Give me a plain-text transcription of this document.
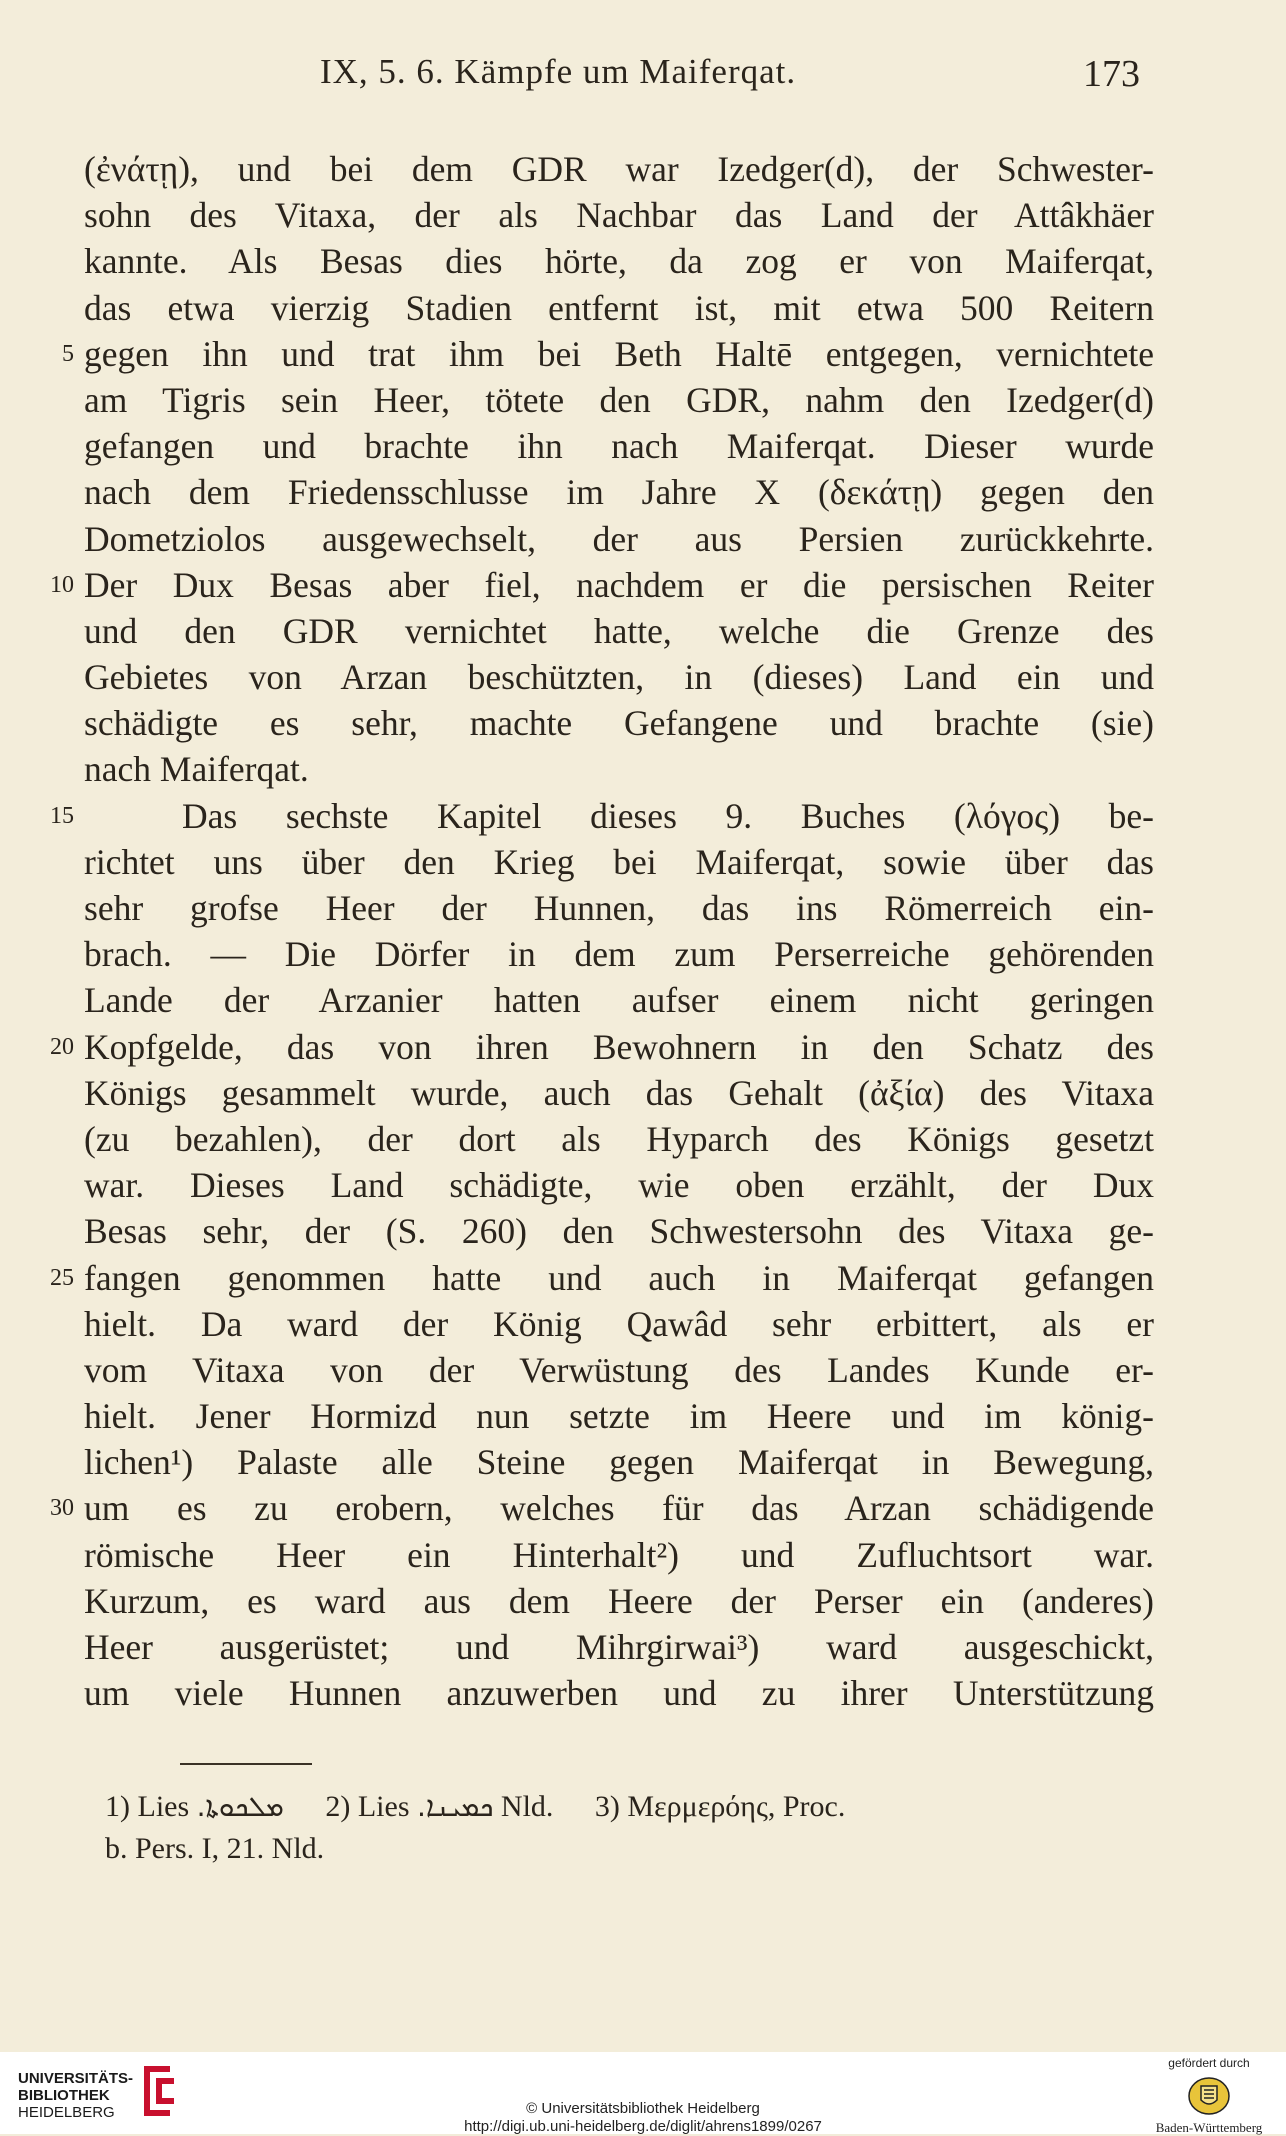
IX, 5. 6. Kämpfe um Maiferqat.	173
(ἐνάτῃ), und bei dem GDR war Izedger(d), der Schwester-
sohn des Vitaxa, der als Nachbar das Land der Attâkhäer
kannte. Als Besas dies hörte, da zog er von Maiferqat,
das etwa vierzig Stadien entfernt ist, mit etwa 500 Reitern
5 gegen ihn und trat ihm bei Beth Haltē entgegen, vernichtete
am Tigris sein Heer, tötete den GDR, nahm den Izedger(d)
gefangen und brachte ihn nach Maiferqat. Dieser wurde
nach dem Friedensschlusse im Jahre X (δεκάτῃ) gegen den
Dometziolos ausgewechselt, der aus Persien zurückkehrte.
10 Der Dux Besas aber fiel, nachdem er die persischen Reiter
und den GDR vernichtet hatte, welche die Grenze des
Gebietes von Arzan beschützten, in (dieses) Land ein und
schädigte es sehr, machte Gefangene und brachte (sie)
nach Maiferqat.
15	Das sechste Kapitel dieses 9. Buches (λόγος) be-
richtet uns über den Krieg bei Maiferqat, sowie über das
sehr grofse Heer der Hunnen, das ins Römerreich ein-
brach. — Die Dörfer in dem zum Perserreiche gehörenden
Lande der Arzanier hatten aufser einem nicht geringen
20 Kopfgelde, das von ihren Bewohnern in den Schatz des
Königs gesammelt wurde, auch das Gehalt (ἀξία) des Vitaxa
(zu bezahlen), der dort als Hyparch des Königs gesetzt
war. Dieses Land schädigte, wie oben erzählt, der Dux
Besas sehr, der (S. 260) den Schwestersohn des Vitaxa ge-
25 fangen genommen hatte und auch in Maiferqat gefangen
hielt. Da ward der König Qawâd sehr erbittert, als er
vom Vitaxa von der Verwüstung des Landes Kunde er-
hielt. Jener Hormizd nun setzte im Heere und im könig-
lichen¹) Palaste alle Steine gegen Maiferqat in Bewegung,
30 um es zu erobern, welches für das Arzan schädigende
römische Heer ein Hinterhalt²) und Zufluchtsort war.
Kurzum, es ward aus dem Heere der Perser ein (anderes)
Heer ausgerüstet; und Mihrgirwai³) ward ausgeschickt,
um viele Hunnen anzuwerben und zu ihrer Unterstützung
1) Lies ܡܠܟܘܬܐ. 2) Lies ܟܡܝܢܐ. Nld. 3) Μερμερόης, Proc.
b. Pers. I, 21. Nld.
UNIVERSITÄTS-
BIBLIOTHEK
HEIDELBERG	© Universitätsbibliothek Heidelberg
http://digi.ub.uni-heidelberg.de/diglit/ahrens1899/0267
gefördert durch
Baden-Württemberg
